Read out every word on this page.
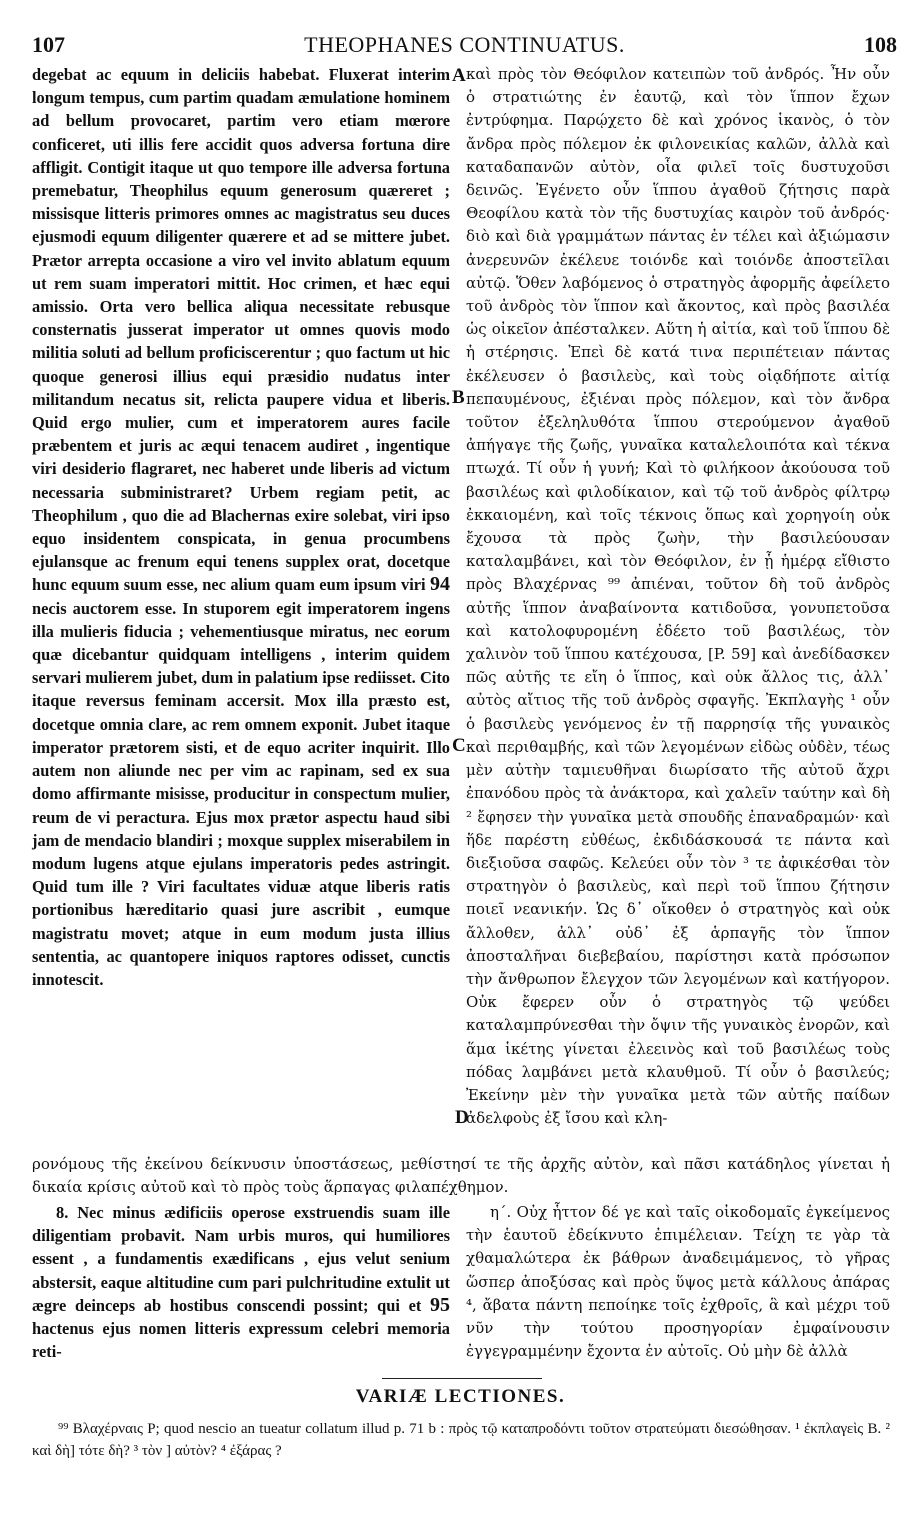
107	THEOPHANES CONTINUATUS.	108

degebat ac equum in deliciis habebat. Fluxerat interim longum tempus, cum partim quadam æmulatione hominem ad bellum provocaret, partim vero etiam mœrore conficeret, uti illis fere accidit quos adversa fortuna dire affligit. Contigit itaque ut quo tempore ille adversa fortuna premebatur, Theophilus equum generosum quæreret ; missisque litteris primores omnes ac magistratus seu duces ejusmodi equum diligenter quærere et ad se mittere jubet. Prætor arrepta occasione a viro vel invito ablatum equum ut rem suam imperatori mittit. Hoc crimen, et hæc equi amissio. Orta vero bellica aliqua necessitate rebusque consternatis jusserat imperator ut omnes quovis modo militia soluti ad bellum proficiscerentur ; quo factum ut hic quoque generosi illius equi præsidio nudatus inter militandum necatus sit, relicta paupere vidua et liberis. Quid ergo mulier, cum et imperatorem aures facile præbentem et juris ac æqui tenacem audiret , ingentique viri desiderio flagraret, nec haberet unde liberis ad victum necessaria subministraret? Urbem regiam petit, ac Theophilum , quo die ad Blachernas exire solebat, viri ipso equo insidentem conspicata, in genua procumbens ejulansque ac frenum equi tenens supplex orat, docetque hunc equum suum esse, nec alium quam eum ipsum viri 94 necis auctorem esse. In stuporem egit imperatorem ingens illa mulieris fiducia ; vehementiusque miratus, nec eorum quæ dicebantur quidquam intelligens , interim quidem servari mulierem jubet, dum in palatium ipse rediisset. Cito itaque reversus feminam accersit. Mox illa præsto est, docetque omnia clare, ac rem omnem exponit. Jubet itaque imperator prætorem sisti, et de equo acriter inquirit. Illo autem non aliunde nec per vim ac rapinam, sed ex sua domo affirmante misisse, producitur in conspectum mulier, reum de vi peractura. Ejus mox prætor aspectu haud sibi jam de mendacio blandiri ; moxque supplex miserabilem in modum lugens atque ejulans imperatoris pedes astringit. Quid tum ille ? Viri facultates viduæ atque liberis ratis portionibus hæreditario quasi jure ascribit , eumque magistratu movet; atque in eum modum justa illius sententia, ac quantopere iniquos raptores odisset, cunctis innotescit.

A
B
C
D

καὶ πρὸς τὸν Θεόφιλον κατειπὼν τοῦ ἀνδρός. Ἦν οὖν ὁ στρατιώτης ἐν ἑαυτῷ, καὶ τὸν ἵππον ἔχων ἐντρύφημα. Παρῴχετο δὲ καὶ χρόνος ἱκανὸς, ὁ τὸν ἄνδρα πρὸς πόλεμον ἐκ φιλονεικίας καλῶν, ἀλλὰ καὶ καταδαπανῶν αὐτὸν, οἷα φιλεῖ τοῖς δυστυχοῦσι δεινῶς. Ἐγένετο οὖν ἵππου ἀγαθοῦ ζήτησις παρὰ Θεοφίλου κατὰ τὸν τῆς δυστυχίας καιρὸν τοῦ ἀνδρός· διὸ καὶ διὰ γραμμάτων πάντας ἐν τέλει καὶ ἀξιώμασιν ἀνερευνῶν ἐκέλευε τοιόνδε καὶ τοιόνδε ἀποστεῖλαι αὐτῷ. Ὅθεν λαβόμενος ὁ στρατηγὸς ἀφορμῆς ἀφείλετο τοῦ ἀνδρὸς τὸν ἵππον καὶ ἄκοντος, καὶ πρὸς βασιλέα ὡς οἰκεῖον ἀπέσταλκεν. Αὕτη ἡ αἰτία, καὶ τοῦ ἵππου δὲ ἡ στέρησις. Ἐπεὶ δὲ κατά τινα περιπέτειαν πάντας ἐκέλευσεν ὁ βασιλεὺς, καὶ τοὺς οἱᾳδήποτε αἰτίᾳ πεπαυμένους, ἐξιέναι πρὸς πόλεμον, καὶ τὸν ἄνδρα τοῦτον ἐξεληλυθότα ἵππου στερούμενον ἀγαθοῦ ἀπήγαγε τῆς ζωῆς, γυναῖκα καταλελοιπότα καὶ τέκνα πτωχά. Τί οὖν ἡ γυνή; Καὶ τὸ φιλήκοον ἀκούουσα τοῦ βασιλέως καὶ φιλοδίκαιον, καὶ τῷ τοῦ ἀνδρὸς φίλτρῳ ἐκκαιομένη, καὶ τοῖς τέκνοις ὅπως καὶ χορηγοίη οὐκ ἔχουσα τὰ πρὸς ζωὴν, τὴν βασιλεύουσαν καταλαμβάνει, καὶ τὸν Θεόφιλον, ἐν ᾗ ἡμέρᾳ εἴθιστο πρὸς Βλαχέρνας ⁹⁹ ἀπιέναι, τοῦτον δὴ τοῦ ἀνδρὸς αὐτῆς ἵππον ἀναβαίνοντα κατιδοῦσα, γονυπετοῦσα καὶ κατολοφυρομένη ἐδέετο τοῦ βασιλέως, τὸν χαλινὸν τοῦ ἵππου κατέχουσα, [P. 59] καὶ ἀνεδίδασκεν πῶς αὐτῆς τε εἴη ὁ ἵππος, καὶ οὐκ ἄλλος τις, ἀλλ᾽ αὐτὸς αἴτιος τῆς τοῦ ἀνδρὸς σφαγῆς. Ἐκπλαγὴς ¹ οὖν ὁ βασιλεὺς γενόμενος ἐν τῇ παρρησίᾳ τῆς γυναικὸς καὶ περιθαμβής, καὶ τῶν λεγομένων εἰδὼς οὐδὲν, τέως μὲν αὐτὴν ταμιευθῆναι διωρίσατο τῆς αὐτοῦ ἄχρι ἐπανόδου πρὸς τὰ ἀνάκτορα, καὶ χαλεῖν ταύτην καὶ δὴ ² ἔφησεν τὴν γυναῖκα μετὰ σπουδῆς ἐπαναδραμών· καὶ ἥδε παρέστη εὐθέως, ἐκδιδάσκουσά τε πάντα καὶ διεξιοῦσα σαφῶς. Κελεύει οὖν τὸν ³ τε ἀφικέσθαι τὸν στρατηγὸν ὁ βασιλεὺς, καὶ περὶ τοῦ ἵππου ζήτησιν ποιεῖ νεανικήν. Ὡς δ᾽ οἴκοθεν ὁ στρατηγὸς καὶ οὐκ ἄλλοθεν, ἀλλ᾽ οὐδ᾽ ἐξ ἁρπαγῆς τὸν ἵππον ἀποσταλῆναι διεβεβαίου, παρίστησι κατὰ πρόσωπον τὴν ἄνθρωπον ἔλεγχον τῶν λεγομένων καὶ κατήγορον. Οὐκ ἔφερεν οὖν ὁ στρατηγὸς τῷ ψεύδει καταλαμπρύνεσθαι τὴν ὄψιν τῆς γυναικὸς ἐνορῶν, καὶ ἅμα ἱκέτης γίνεται ἐλεεινὸς καὶ τοῦ βασιλέως τοὺς πόδας λαμβάνει μετὰ κλαυθμοῦ. Τί οὖν ὁ βασιλεύς; Ἐκείνην μὲν τὴν γυναῖκα μετὰ τῶν αὐτῆς παίδων ἀδελφοὺς ἐξ ἴσου καὶ κλη-

ρονόμους τῆς ἐκείνου δείκνυσιν ὑποστάσεως, μεθίστησί τε τῆς ἀρχῆς αὐτὸν, καὶ πᾶσι κατάδηλος γίνεται ἡ δικαία κρίσις αὐτοῦ καὶ τὸ πρὸς τοὺς ἅρπαγας φιλαπέχθημον.
8. Nec minus ædificiis operose exstruendis suam ille diligentiam probavit. Nam urbis muros, qui humiliores essent , a fundamentis exædificans , ejus velut senium abstersit, eaque altitudine cum pari pulchritudine extulit ut ægre deinceps ab hostibus conscendi possint; qui et 95 hactenus ejus nomen litteris expressum celebri memoria reti-
η΄. Οὐχ ἧττον δέ γε καὶ ταῖς οἰκοδομαῖς ἐγκείμενος τὴν ἑαυτοῦ ἐδείκνυτο ἐπιμέλειαν. Τείχη τε γὰρ τὰ χθαμαλώτερα ἐκ βάθρων ἀναδειμάμενος, τὸ γῆρας ὥσπερ ἀποξύσας καὶ πρὸς ὕψος μετὰ κάλλους ἀπάρας ⁴, ἄβατα πάντη πεποίηκε τοῖς ἐχθροῖς, ἃ καὶ μέχρι τοῦ νῦν τὴν τούτου προσηγορίαν ἐμφαίνουσιν ἐγγεγραμμένην ἔχοντα ἐν αὐτοῖς. Οὐ μὴν δὲ ἀλλὰ
VARIÆ LECTIONES.
⁹⁹ Βλαχέρναις P; quod nescio an tueatur collatum illud p. 71 b : πρὸς τῷ καταπροδόντι τοῦτον στρατεύματι διεσώθησαν. ¹ ἐκπλαγεὶς B. ² καὶ δὴ] τότε δὴ? ³ τὸν ] αὐτὸν? ⁴ ἐξάρας ?
